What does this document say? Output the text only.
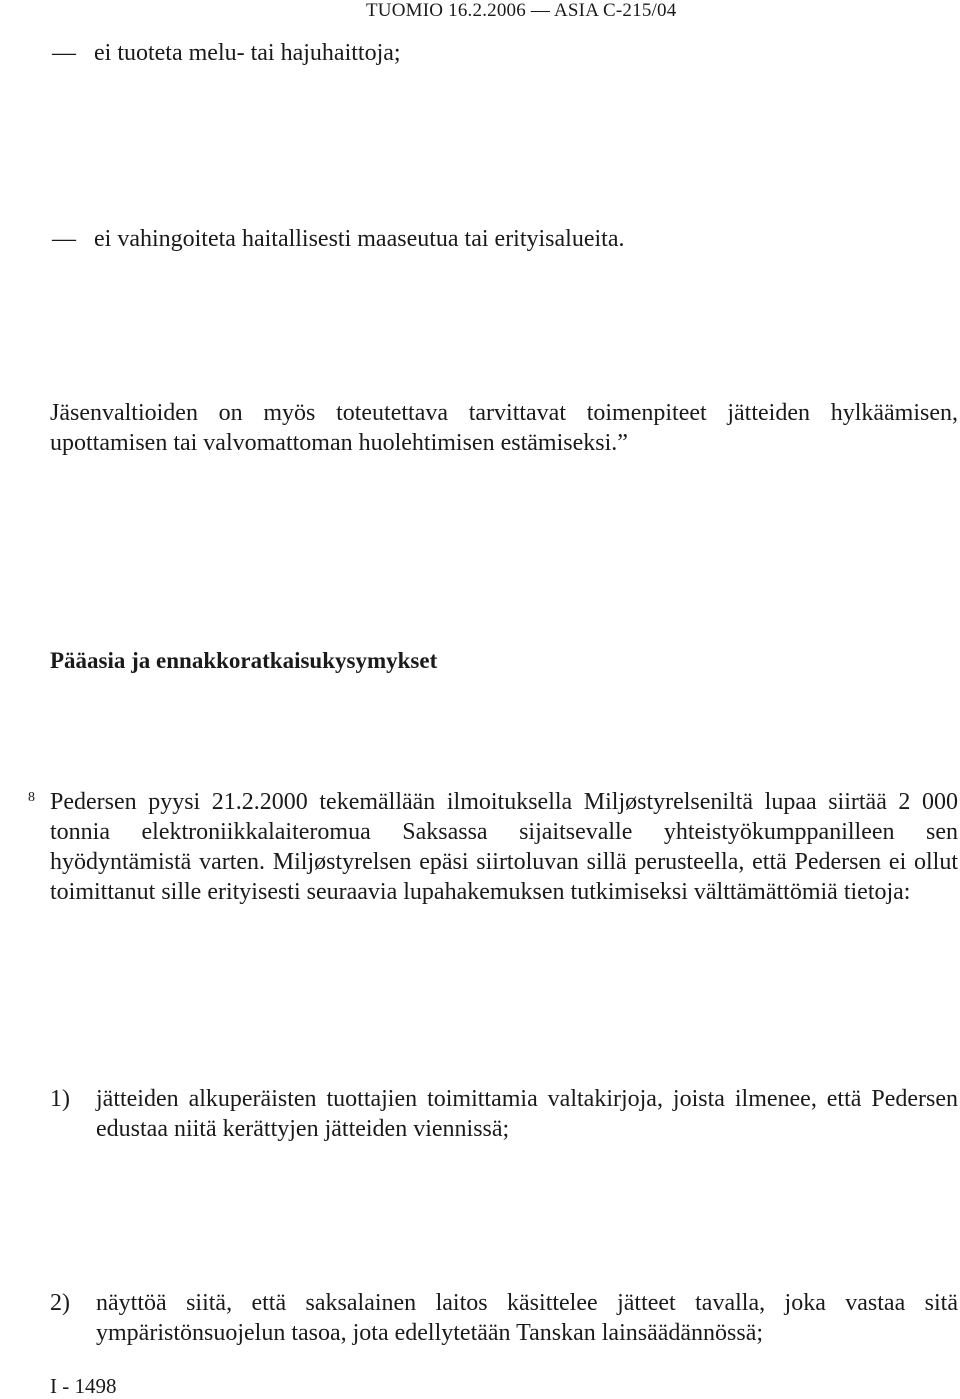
TUOMIO 16.2.2006 — ASIA C-215/04
— ei tuoteta melu- tai hajuhaittoja;
— ei vahingoiteta haitallisesti maaseutua tai erityisalueita.
Jäsenvaltioiden on myös toteutettava tarvittavat toimenpiteet jätteiden hylkäämisen, upottamisen tai valvomattoman huolehtimisen estämiseksi.”
Pääasia ja ennakkoratkaisukysymykset
8 Pedersen pyysi 21.2.2000 tekemällään ilmoituksella Miljøstyrelseniltä lupaa siirtää 2 000 tonnia elektroniikkalaiteromua Saksassa sijaitsevalle yhteistyökumppanilleen sen hyödyntämistä varten. Miljøstyrelsen epäsi siirtoluvan sillä perusteella, että Pedersen ei ollut toimittanut sille erityisesti seuraavia lupahakemuksen tutkimiseksi välttämättömiä tietoja:
1) jätteiden alkuperäisten tuottajien toimittamia valtakirjoja, joista ilmenee, että Pedersen edustaa niitä kerättyjen jätteiden viennissä;
2) näyttöä siitä, että saksalainen laitos käsittelee jätteet tavalla, joka vastaa sitä ympäristönsuojelun tasoa, jota edellytetään Tanskan lainsäädännössä;
I - 1498
